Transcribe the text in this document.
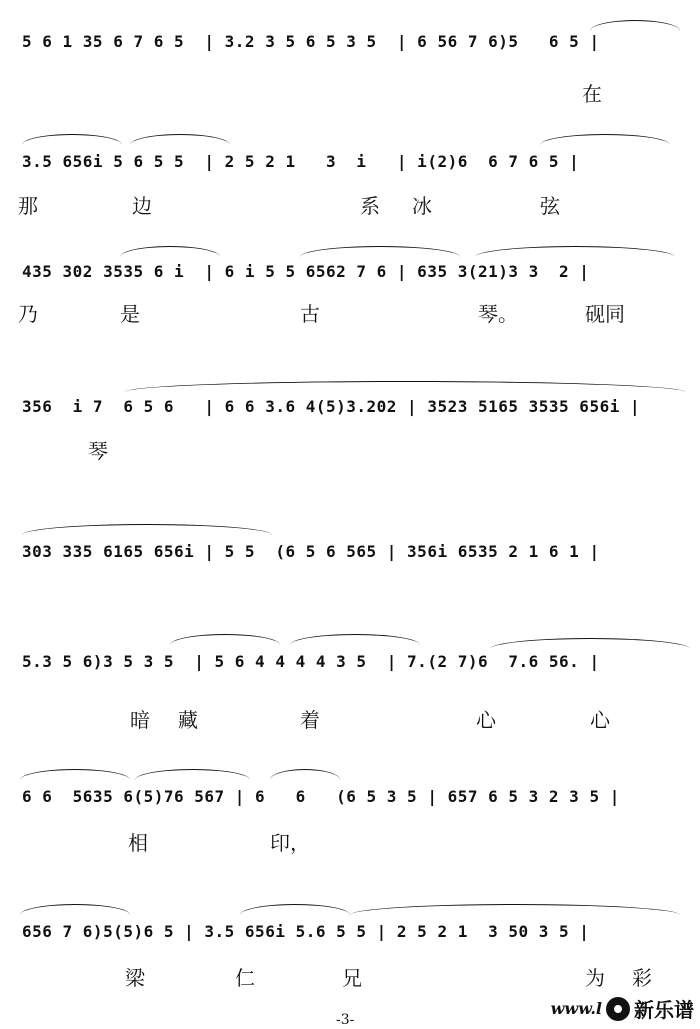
5 6 1 35 6 7 6 5  | 3.2 3 5 6 5 3 5  | 6 56 7 6)5   6 5 |
在
3.5 656i 5 6 5 5  | 2 5 2 1   3  i   | i(2)6  6 7 6 5 |
那	边	系 冰	弦
435 302 3535 6 i  | 6 i 5 5 6562 7 6 | 635 3(21)3 3  2 |
乃	是	古	琴。	砚同
356  i 7  6 5 6   | 6 6 3.6 4(5)3.202 | 3523 5165 3535 656i |
琴
303 335 6165 656i | 5 5  (6 5 6 565 | 356i 6535 2 1 6 1 |
5.3 5 6)3 5 3 5  | 5 6 4 4 4 4 3 5  | 7.(2 7)6  7.6 56. |
暗 藏	着	心	心
6 6  5635 6(5)76 567 | 6   6   (6 5 3 5 | 657 6 5 3 2 3 5 |
相	印，
656 7 6)5(5)6 5 | 3.5 656i 5.6 5 5 | 2 5 2 1  3 50 3 5 |
梁	仁	兄	为 彩
-3-
www.l 新乐谱
